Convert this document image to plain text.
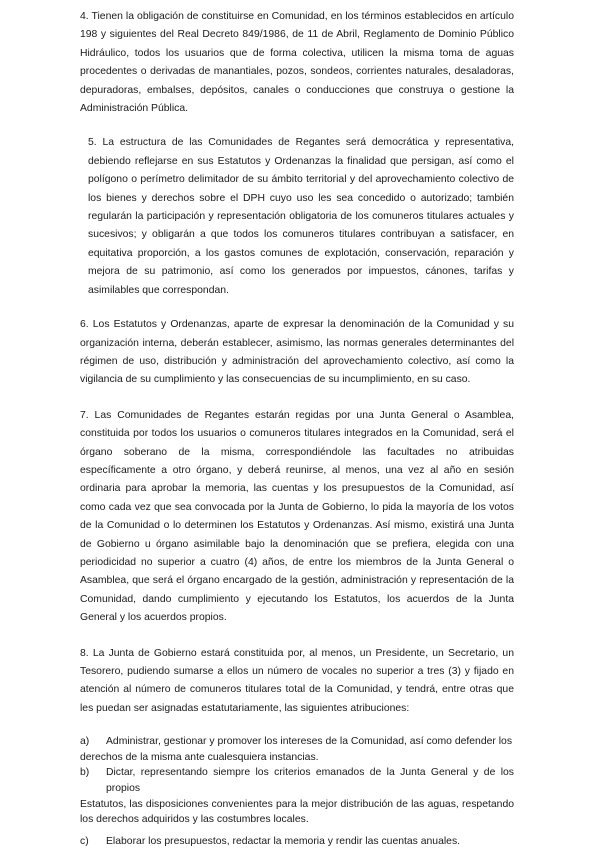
4. Tienen la obligación de constituirse en Comunidad, en los términos establecidos en artículo 198 y siguientes del Real Decreto 849/1986, de 11 de Abril, Reglamento de Dominio Público Hidráulico, todos los usuarios que de forma colectiva, utilicen la misma toma de aguas procedentes o derivadas de manantiales, pozos, sondeos, corrientes naturales, desaladoras, depuradoras, embalses, depósitos, canales o conducciones que construya o gestione la Administración Pública.

5. La estructura de las Comunidades de Regantes será democrática y representativa, debiendo reflejarse en sus Estatutos y Ordenanzas la finalidad que persigan, así como el polígono o perímetro delimitador de su ámbito territorial y del aprovechamiento colectivo de los bienes y derechos sobre el DPH cuyo uso les sea concedido o autorizado; también regularán la participación y representación obligatoria de los comuneros titulares actuales y sucesivos; y obligarán a que todos los comuneros titulares contribuyan a satisfacer, en equitativa proporción, a los gastos comunes de explotación, conservación, reparación y mejora de su patrimonio, así como los generados por impuestos, cánones, tarifas y asimilables que correspondan.

6. Los Estatutos y Ordenanzas, aparte de expresar la denominación de la Comunidad y su organización interna, deberán establecer, asimismo, las normas generales determinantes del régimen de uso, distribución y administración del aprovechamiento colectivo, así como la vigilancia de su cumplimiento y las consecuencias de su incumplimiento, en su caso.

7. Las Comunidades de Regantes estarán regidas por una Junta General o Asamblea, constituida por todos los usuarios o comuneros titulares integrados en la Comunidad, será el órgano soberano de la misma, correspondiéndole las facultades no atribuidas específicamente a otro órgano, y deberá reunirse, al menos, una vez al año en sesión ordinaria para aprobar la memoria, las cuentas y los presupuestos de la Comunidad, así como cada vez que sea convocada por la Junta de Gobierno, lo pida la mayoría de los votos de la Comunidad o lo determinen los Estatutos y Ordenanzas. Así mismo, existirá una Junta de Gobierno u órgano asimilable bajo la denominación que se prefiera, elegida con una periodicidad no superior a cuatro (4) años, de entre los miembros de la Junta General o Asamblea, que será el órgano encargado de la gestión, administración y representación de la Comunidad, dando cumplimiento y ejecutando los Estatutos, los acuerdos de la Junta General y los acuerdos propios.

8. La Junta de Gobierno estará constituida por, al menos, un Presidente, un Secretario, un Tesorero, pudiendo sumarse a ellos un número de vocales no superior a tres (3) y fijado en atención al número de comuneros titulares total de la Comunidad, y tendrá, entre otras que les puedan ser asignadas estatutariamente, las siguientes atribuciones:

a)	Administrar, gestionar y promover los intereses de la Comunidad, así como defender los
derechos de la misma ante cualesquiera instancias.
b)	Dictar, representando siempre los criterios emanados de la Junta General y de los propios
Estatutos, las disposiciones convenientes para la mejor distribución de las aguas, respetando los derechos adquiridos y las costumbres locales.
c)	Elaborar los presupuestos, redactar la memoria y rendir las cuentas anuales.
